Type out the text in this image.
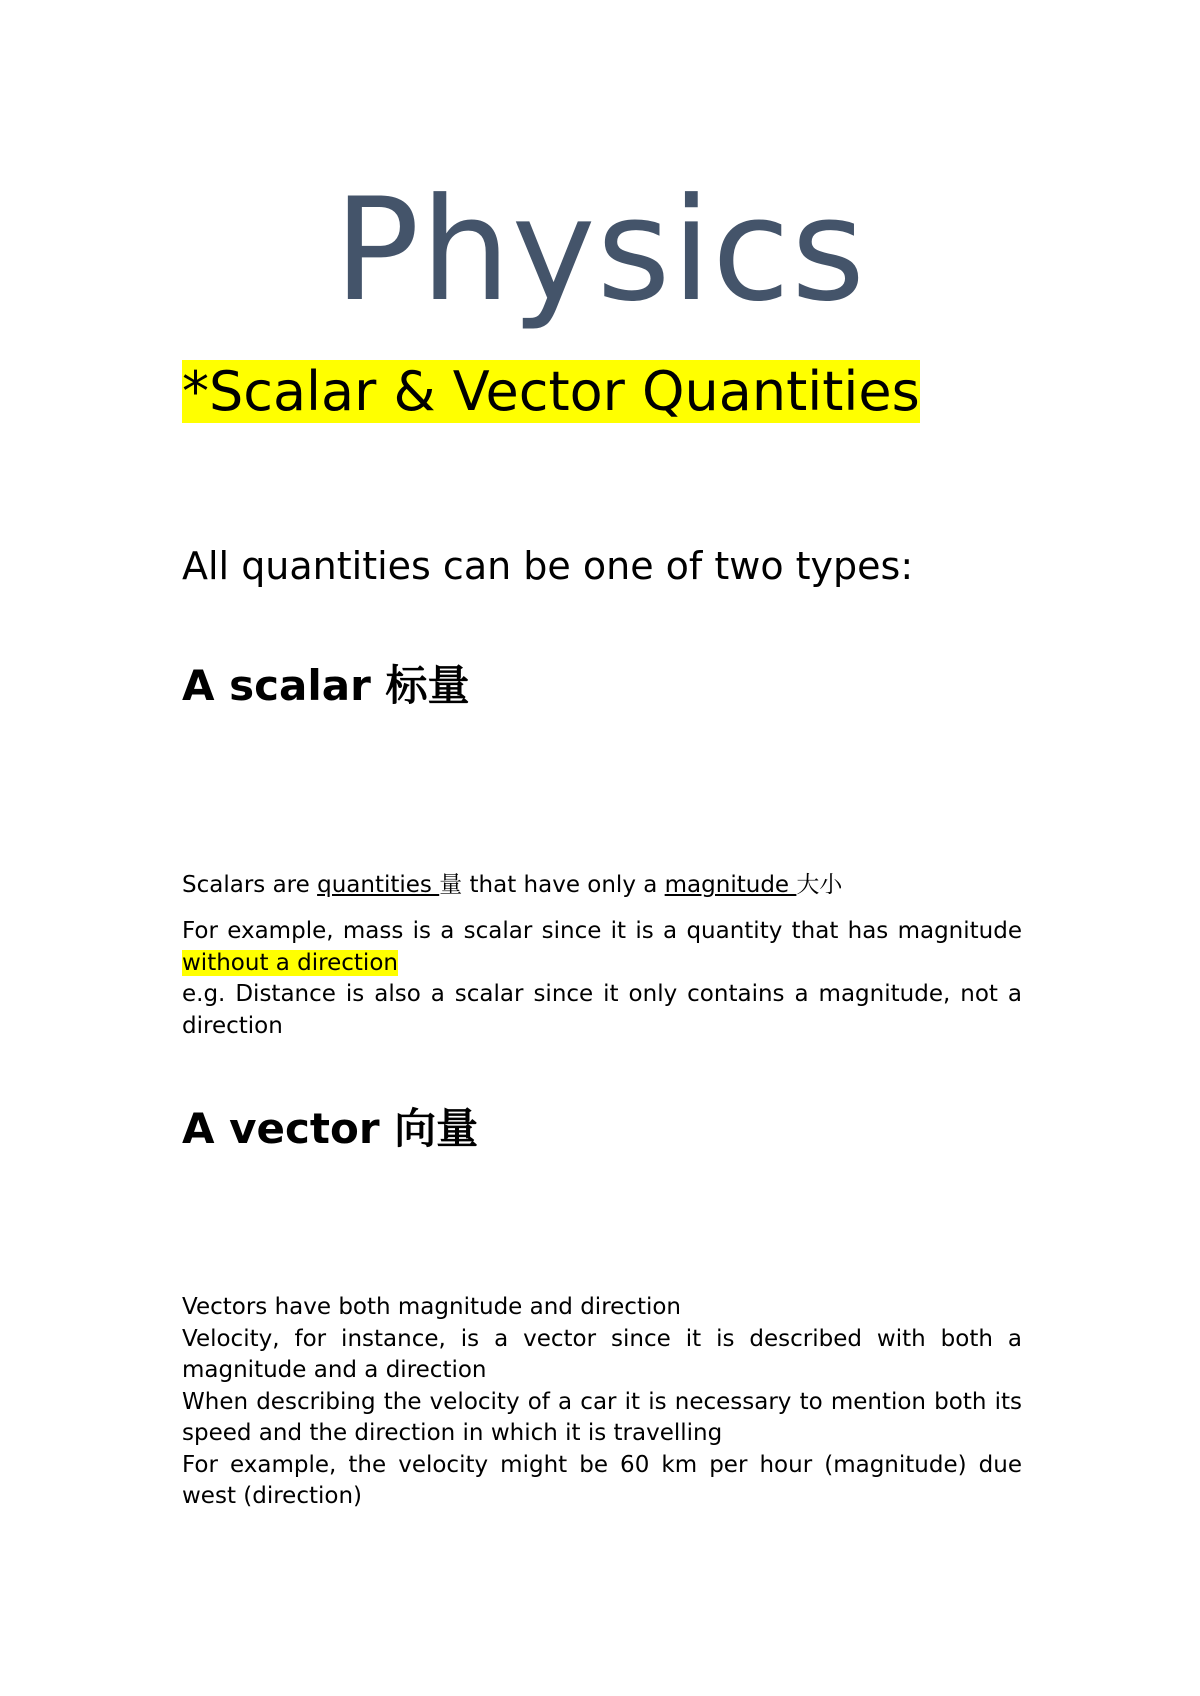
Physics
*Scalar & Vector Quantities
All quantities can be one of two types:
A scalar 标量
Scalars are quantities 量 that have only a magnitude 大小
For example, mass is a scalar since it is a quantity that has magnitude without a direction
e.g. Distance is also a scalar since it only contains a magnitude, not a direction
A vector 向量
Vectors have both magnitude and direction
Velocity, for instance, is a vector since it is described with both a magnitude and a direction
When describing the velocity of a car it is necessary to mention both its speed and the direction in which it is travelling
For example, the velocity might be 60 km per hour (magnitude) due west (direction)
